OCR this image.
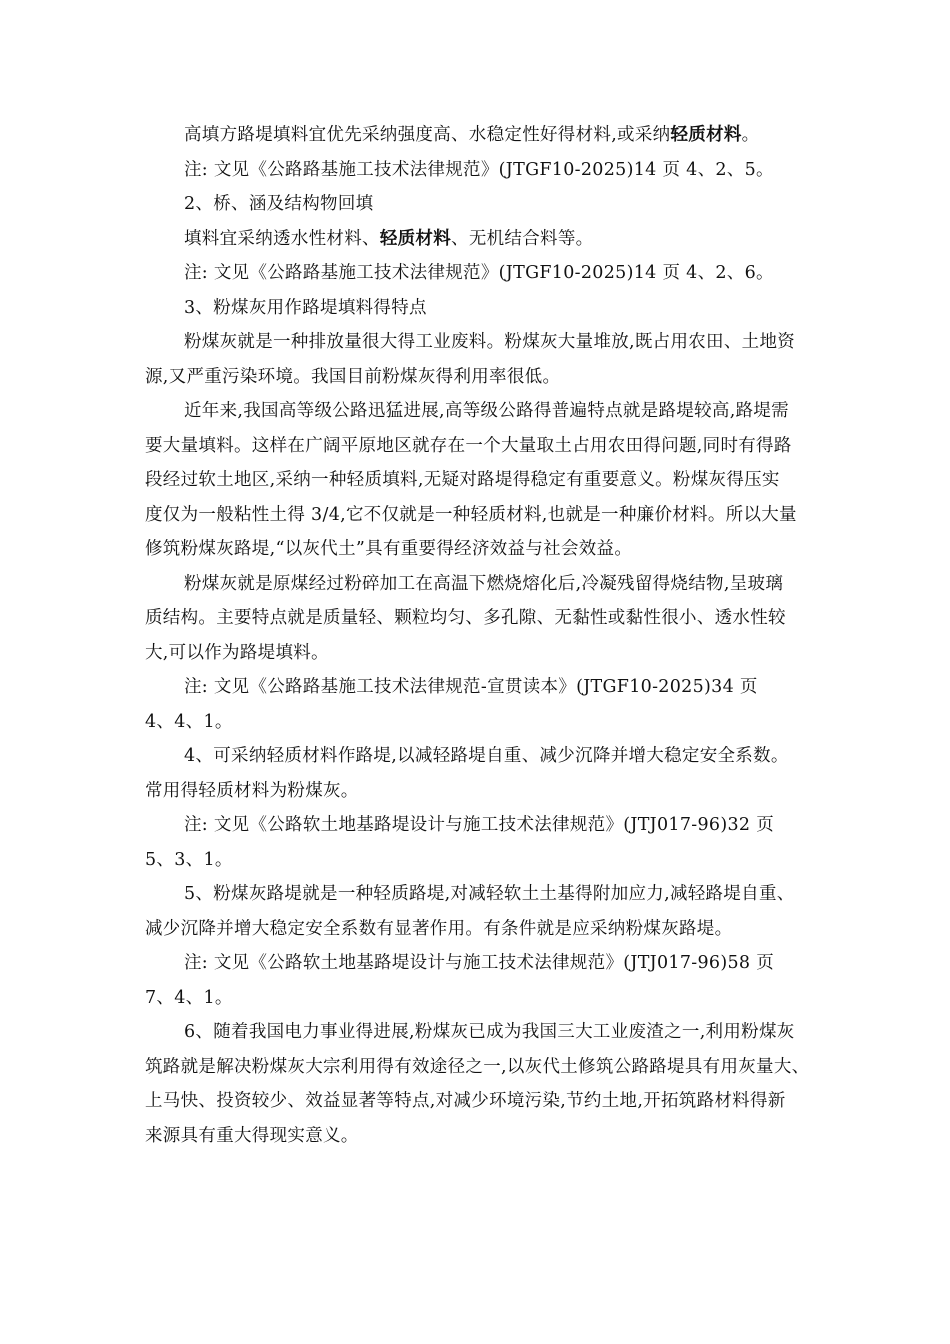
高填方路堤填料宜优先采纳强度高、水稳定性好得材料,或采纳轻质材料。
注: 文见《公路路基施工技术法律规范》(JTGF10-2025)14 页 4、2、5。
2、桥、涵及结构物回填
填料宜采纳透水性材料、轻质材料、无机结合料等。
注: 文见《公路路基施工技术法律规范》(JTGF10-2025)14 页 4、2、6。
3、粉煤灰用作路堤填料得特点
粉煤灰就是一种排放量很大得工业废料。粉煤灰大量堆放,既占用农田、土地资
源,又严重污染环境。我国目前粉煤灰得利用率很低。
近年来,我国高等级公路迅猛进展,高等级公路得普遍特点就是路堤较高,路堤需
要大量填料。这样在广阔平原地区就存在一个大量取土占用农田得问题,同时有得路
段经过软土地区,采纳一种轻质填料,无疑对路堤得稳定有重要意义。粉煤灰得压实
度仅为一般粘性土得 3/4,它不仅就是一种轻质材料,也就是一种廉价材料。所以大量
修筑粉煤灰路堤,“以灰代土”具有重要得经济效益与社会效益。
粉煤灰就是原煤经过粉碎加工在高温下燃烧熔化后,冷凝残留得烧结物,呈玻璃
质结构。主要特点就是质量轻、颗粒均匀、多孔隙、无黏性或黏性很小、透水性较
大,可以作为路堤填料。
注: 文见《公路路基施工技术法律规范-宣贯读本》(JTGF10-2025)34 页
4、4、1。
4、可采纳轻质材料作路堤,以减轻路堤自重、减少沉降并增大稳定安全系数。
常用得轻质材料为粉煤灰。
注: 文见《公路软土地基路堤设计与施工技术法律规范》(JTJ017-96)32 页
5、3、1。
5、粉煤灰路堤就是一种轻质路堤,对减轻软土土基得附加应力,减轻路堤自重、
减少沉降并增大稳定安全系数有显著作用。有条件就是应采纳粉煤灰路堤。
注: 文见《公路软土地基路堤设计与施工技术法律规范》(JTJ017-96)58 页
7、4、1。
6、随着我国电力事业得进展,粉煤灰已成为我国三大工业废渣之一,利用粉煤灰
筑路就是解决粉煤灰大宗利用得有效途径之一,以灰代土修筑公路路堤具有用灰量大、
上马快、投资较少、效益显著等特点,对减少环境污染,节约土地,开拓筑路材料得新
来源具有重大得现实意义。
